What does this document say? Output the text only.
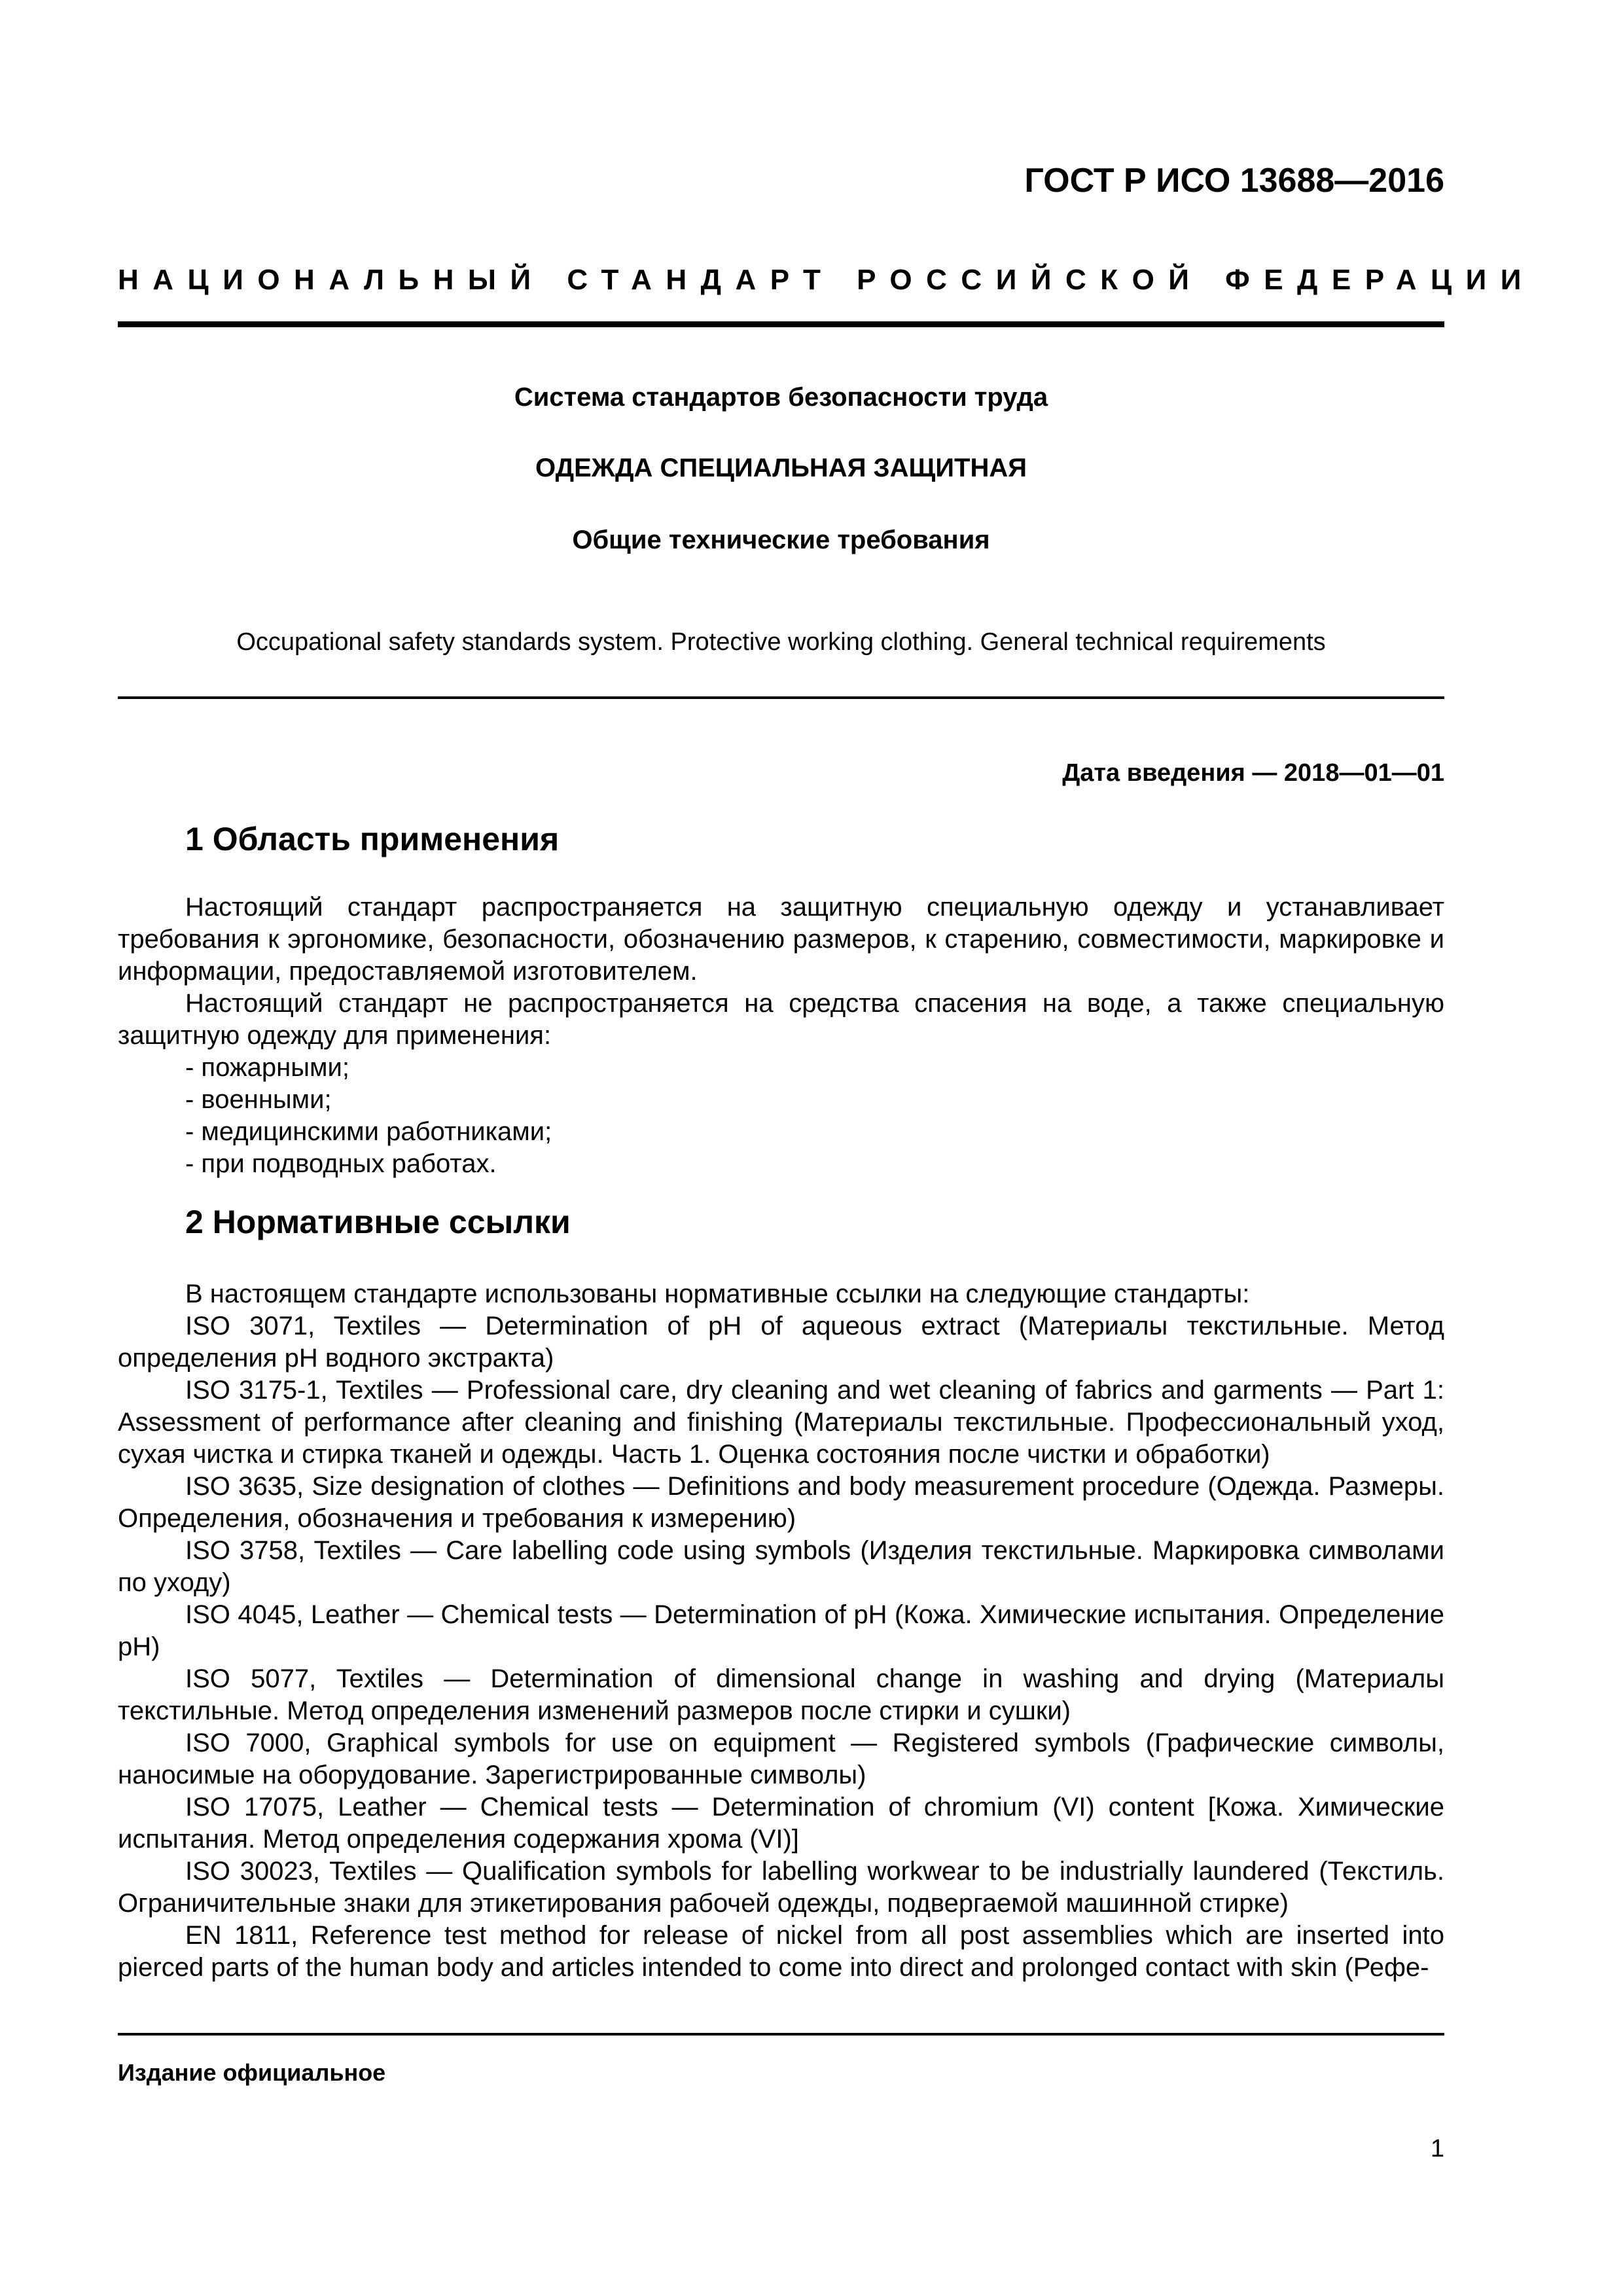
ГОСТ Р ИСО 13688—2016
НАЦИОНАЛЬНЫЙ СТАНДАРТ РОССИЙСКОЙ ФЕДЕРАЦИИ

Система стандартов безопасности труда

ОДЕЖДА СПЕЦИАЛЬНАЯ ЗАЩИТНАЯ

Общие технические требования

Occupational safety standards system. Protective working clothing. General technical requirements

Дата введения — 2018—01—01

1 Область применения

Настоящий стандарт распространяется на защитную специальную одежду и устанавливает требования к эргономике, безопасности, обозначению размеров, к старению, совместимости, маркировке и информации, предоставляемой изготовителем.

Настоящий стандарт не распространяется на средства спасения на воде, а также специальную защитную одежду для применения:

- пожарными;
- военными;
- медицинскими работниками;
- при подводных работах.
2 Нормативные ссылки

В настоящем стандарте использованы нормативные ссылки на следующие стандарты:

ISO 3071, Textiles — Determination of pH of aqueous extract (Материалы текстильные. Метод определения pH водного экстракта)

ISO 3175-1, Textiles — Professional care, dry cleaning and wet cleaning of fabrics and garments — Part 1: Assessment of performance after cleaning and finishing (Материалы текстильные. Профессиональный уход, сухая чистка и стирка тканей и одежды. Часть 1. Оценка состояния после чистки и обработки)

ISO 3635, Size designation of clothes — Definitions and body measurement procedure (Одежда. Размеры. Определения, обозначения и требования к измерению)

ISO 3758, Textiles — Care labelling code using symbols (Изделия текстильные. Маркировка символами по уходу)

ISO 4045, Leather — Chemical tests — Determination of pH (Кожа. Химические испытания. Определение pH)

ISO 5077, Textiles — Determination of dimensional change in washing and drying (Материалы текстильные. Метод определения изменений размеров после стирки и сушки)

ISO 7000, Graphical symbols for use on equipment — Registered symbols (Графические символы, наносимые на оборудование. Зарегистрированные символы)

ISO 17075, Leather — Chemical tests — Determination of chromium (VI) content [Кожа. Химические испытания. Метод определения содержания хрома (VI)]

ISO 30023, Textiles — Qualification symbols for labelling workwear to be industrially laundered (Текстиль. Ограничительные знаки для этикетирования рабочей одежды, подвергаемой машинной стирке)

EN 1811, Reference test method for release of nickel from all post assemblies which are inserted into pierced parts of the human body and articles intended to come into direct and prolonged contact with skin (Рефе-

Издание официальное

1
